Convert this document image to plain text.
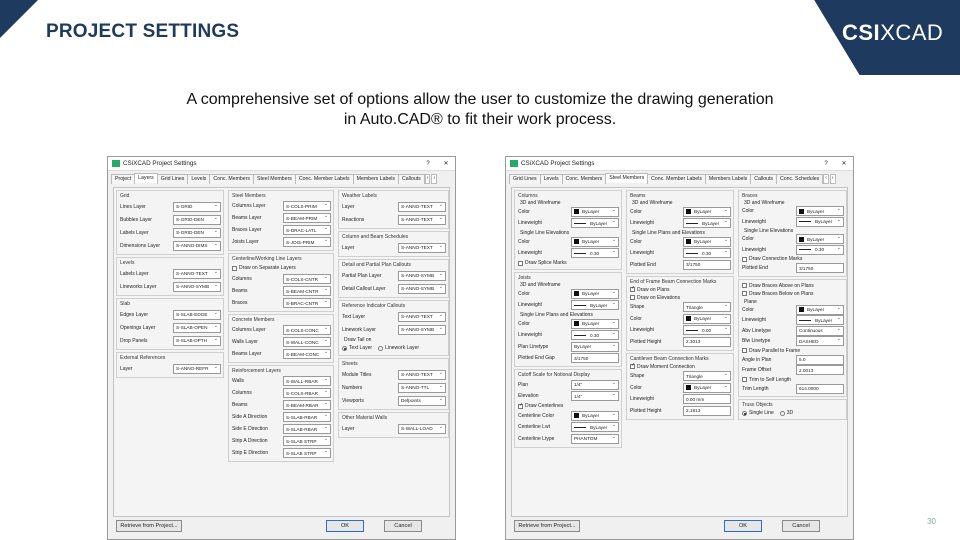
CSIXCAD
PROJECT SETTINGS
A comprehensive set of options allow the user to customize the drawing generation
in Auto.CAD® to fit their work process.
30
CSiXCAD Project Settings	?	✕
Project	Layers	Grid Lines	Levels	Conc. Members	Steel Members	Conc. Member Labels	Members Labels	Callouts	‹	›
Grid
Lines Layer	S-GRID
⌄
Bubbles Layer	S-GRID-DEN
⌄
Labels Layer	S-GRID-DEN
⌄
Dimensions Layer	S-ANNO-DIMS
⌄
Levels
Labels Layer	S-ANNO-TEXT
⌄
Lineworks Layer	S-ANNO-SYMB
⌄
Slab
Edges Layer	S-SLAB-EDGE
⌄
Openings Layer	S-SLAB-OPEN
⌄
Drop Panels	S-SLAB-DPTH
⌄
External References
Layer	S-ANNO-REFR
⌄
Steel Members
Columns Layer	S-COLS-PRIM
⌄
Beams Layer	S-BEAM-PRIM
⌄
Braces Layer	S-DRAC-LATL
⌄
Joists Layer	S-JOIS-PRIM
⌄
Centerline/Working Line Layers
Draw on Separate Layers
Columns	S-COLS-CNTR
⌄
Beams	S-BEAM-CNTR
⌄
Braces	S-BRAC-CNTR
⌄
Concrete Members
Columns Layer	S-COLS-CONC
⌄
Walls Layer	S-WALL-CONC
⌄
Beams Layer	S-BEAM-CONC
⌄
Reinforcement Layers
Walls	S-WALL-RBAR
⌄
Columns	S-COLS-RBAR
⌄
Beams	S-BEAM-RBAR
⌄
Side A Direction	S-SLAB-RBAR
⌄
Side E Direction	S-SLAB-RBAR
⌄
Strip A Direction	S-SLAB STRP
⌄
Strip E Direction	S-SLAB STRP
⌄
Weather Labels
Layer	S-ANNO-TEXT
⌄
Reactions	S-ANNO-TEXT
⌄
Column and Beam Schedules
Layer	S-ANNO-TEXT
⌄
Detail and Partial Plan Callouts
Partial Plan Layer	S-ANNO-SYMB
⌄
Detail Callout Layer	S-ANNO-SYMB
⌄
Reference Indicator Callouts
Text Layer	S-ANNO-TEXT
⌄
Linework Layer	S-ANNO-SYMB
⌄
Draw Tail on
Text Layer	Linework Layer
Sheets
Module Titles	S-ANNO-TEXT
⌄
Numbers	S-ANNO-TTL
⌄
Viewports	Defpoints
⌄
Other Material Walls
Layer	S-WALL-LOAD
⌄
Retrieve from Project...	OK	Cancel
CSiXCAD Project Settings	?	✕
Grid Lines	Levels	Conc. Members	Steel Members	Conc. Member Labels	Members Labels	Callouts	Conc. Schedules	‹	›
Columns
3D and Wireframe
Color	ByLayer
⌄
Lineweight	ByLayer
⌄
Single Line Elevations
Color	ByLayer
⌄
Lineweight	0.30
⌄
Draw Splice Marks
Joists
3D and Wireframe
Color	ByLayer
⌄
Lineweight	ByLayer
⌄
Single Line Plans and Elevations
Color	ByLayer
⌄
Lineweight	0.30
⌄
Plan Linetype	ByLayer
⌄
Plotted End Gap	3/1750
Cutoff Scale for Notional Display
Plan	1/4"
⌄
Elevation	1/4"
⌄
✓
Draw Centerlines
Centerline Color	ByLayer
⌄
Centerline Lwt	ByLayer
⌄
Centerline Ltype	PHANTOM
⌄
Beams
3D and Wireframe
Color	ByLayer
⌄
Lineweight	ByLayer
⌄
Single Line Plans and Elevations
Color	ByLayer
⌄
Lineweight	0.30
⌄
Plotted End	3/1750
End of Frame Beam Connection Marks
✓
Draw on Plans
Draw on Elevations
Shape	Triangle
⌄
Color	ByLayer
⌄
Lineweight	0.00
⌄
Plotted Height	2.3013
Cantilever Beam Connection Marks
✓
Draw Moment Connection
Shape	Triangle
⌄
Color	ByLayer
⌄
Lineweight	0.00 mm
Plotted Height	2.1813
Braces
3D and Wireframe
Color	ByLayer
⌄
Lineweight	ByLayer
⌄
Single Line Elevations
Color	ByLayer
⌄
Lineweight	0.30
⌄
Draw Connection Marks
Plotted End	3/1750
Draw Braces Above on Plans
Draw Braces Below on Plans
Plane
Color	ByLayer
⌄
Lineweight	ByLayer
⌄
Abv Linetype	Continuous
⌄
Blw Linetype	DASHED
⌄
Draw Parallel to Frame
Angle in Plan	5.0
Frame Offset	2.0013
Trim to Self Length
Trim Length	614.0000
Truss Objects
Single Line	3D
Retrieve from Project...	OK	Cancel
